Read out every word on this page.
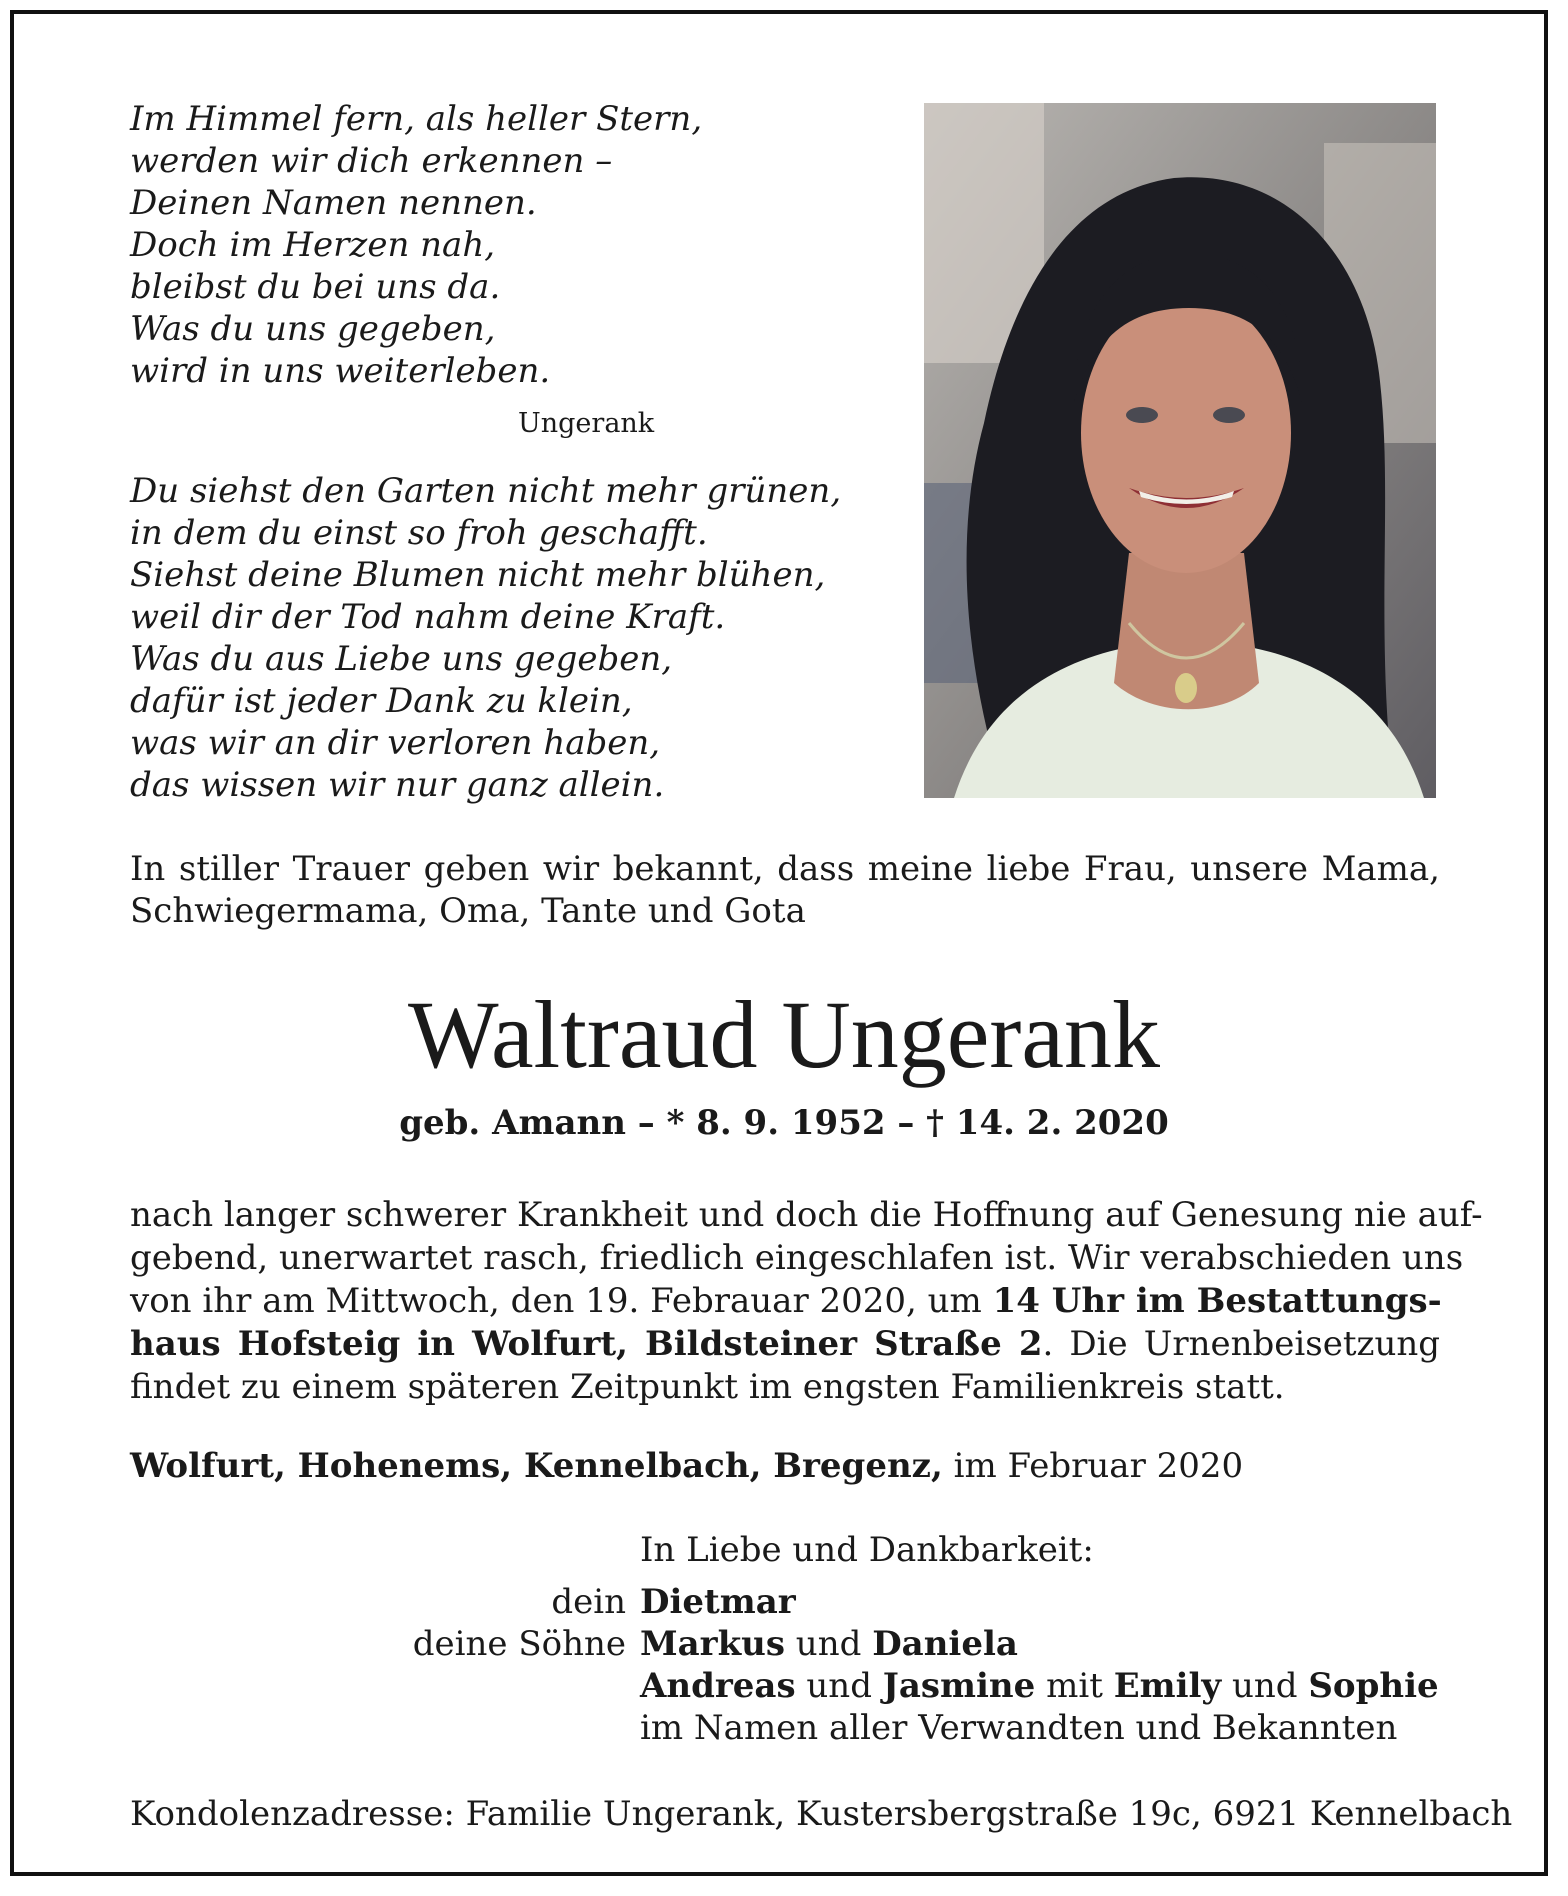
Im Himmel fern, als heller Stern,
werden wir dich erkennen –
Deinen Namen nennen.
Doch im Herzen nah,
bleibst du bei uns da.
Was du uns gegeben,
wird in uns weiterleben.
Ungerank
Du siehst den Garten nicht mehr grünen,
in dem du einst so froh geschafft.
Siehst deine Blumen nicht mehr blühen,
weil dir der Tod nahm deine Kraft.
Was du aus Liebe uns gegeben,
dafür ist jeder Dank zu klein,
was wir an dir verloren haben,
das wissen wir nur ganz allein.

In stiller Trauer geben wir bekannt, dass meine liebe Frau, unsere Mama, Schwiegermama, Oma, Tante und Gota

Waltraud Ungerank
geb. Amann – * 8. 9. 1952 – † 14. 2. 2020
nach langer schwerer Krankheit und doch die Hoffnung auf Genesung nie auf-
gebend, unerwartet rasch, friedlich eingeschlafen ist. Wir verabschieden uns
von ihr am Mittwoch, den 19. Febrauar 2020, um 14 Uhr im Bestattungs-
haus Hofsteig in Wolfurt, Bildsteiner Straße 2. Die Urnenbeisetzung
findet zu einem späteren Zeitpunkt im engsten Familienkreis statt.
Wolfurt, Hohenems, Kennelbach, Bregenz, im Februar 2020
In Liebe und Dankbarkeit:
dein Dietmar
deine Söhne Markus und Daniela
Andreas und Jasmine mit Emily und Sophie
im Namen aller Verwandten und Bekannten
Kondolenzadresse: Familie Ungerank, Kustersbergstraße 19c, 6921 Kennelbach
